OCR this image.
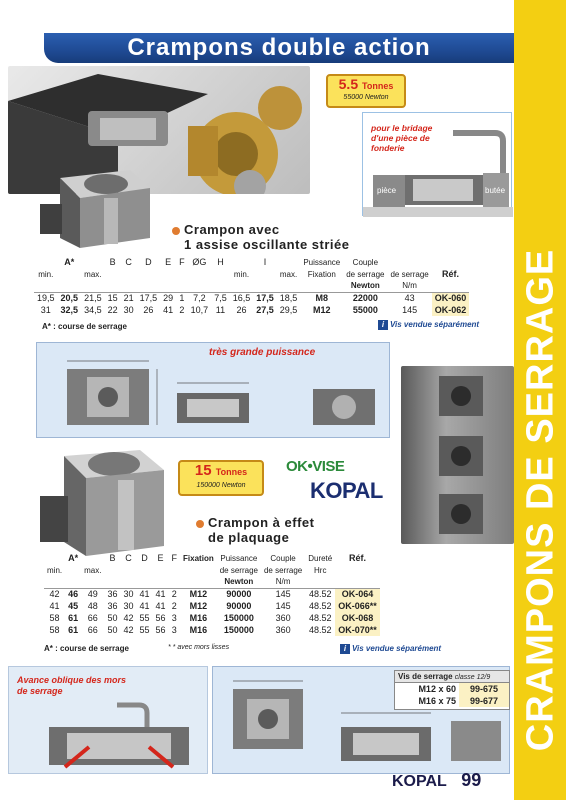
CRAMPONS DE SERRAGE
Crampons double action
5.5 Tonnes
55000 Newton
pour le bridage d'une pièce de fonderie
pièce	butée
Crampon avec
1 assise oscillante striée
	A*		B	C	D	E	F	ØG	H		I		Puissance	Couple		
min.		max.								min.		max.	Fixation	de serrage	de serrage	Réf.
														Newton	N/m	
19,5	20,5	21,5	15	21	17,5	29	1	7,2	7,5	16,5	17,5	18,5	M8	22000	43	OK-060
31	32,5	34,5	22	30	26	41	2	10,7	11	26	27,5	29,5	M12	55000	145	OK-062
A* : course de serrage	i Vis vendue séparément
très grande puissance
15 Tonnes
150000 Newton
OK•VISE
KOPAL
Crampon à effet
de plaquage
	A*		B	C	D	E	F	Fixation	Puissance	Couple	Dureté	Réf.
min.		max.							de serrage	de serrage	Hrc	
									Newton	N/m		
42	46	49	36	30	41	41	2	M12	90000	145	48.52	OK-064
41	45	48	36	30	41	41	2	M12	90000	145	48.52	OK-066**
58	61	66	50	42	55	56	3	M16	150000	360	48.52	OK-068
58	61	66	50	42	55	56	3	M16	150000	360	48.52	OK-070**
A* : course de serrage	* * avec mors lisses	i Vis vendue séparément
Avance oblique des mors
de serrage
Vis de serrage classe 12/9
M12 x 60	99-675
M16 x 75	99-677
KOPAL 99
